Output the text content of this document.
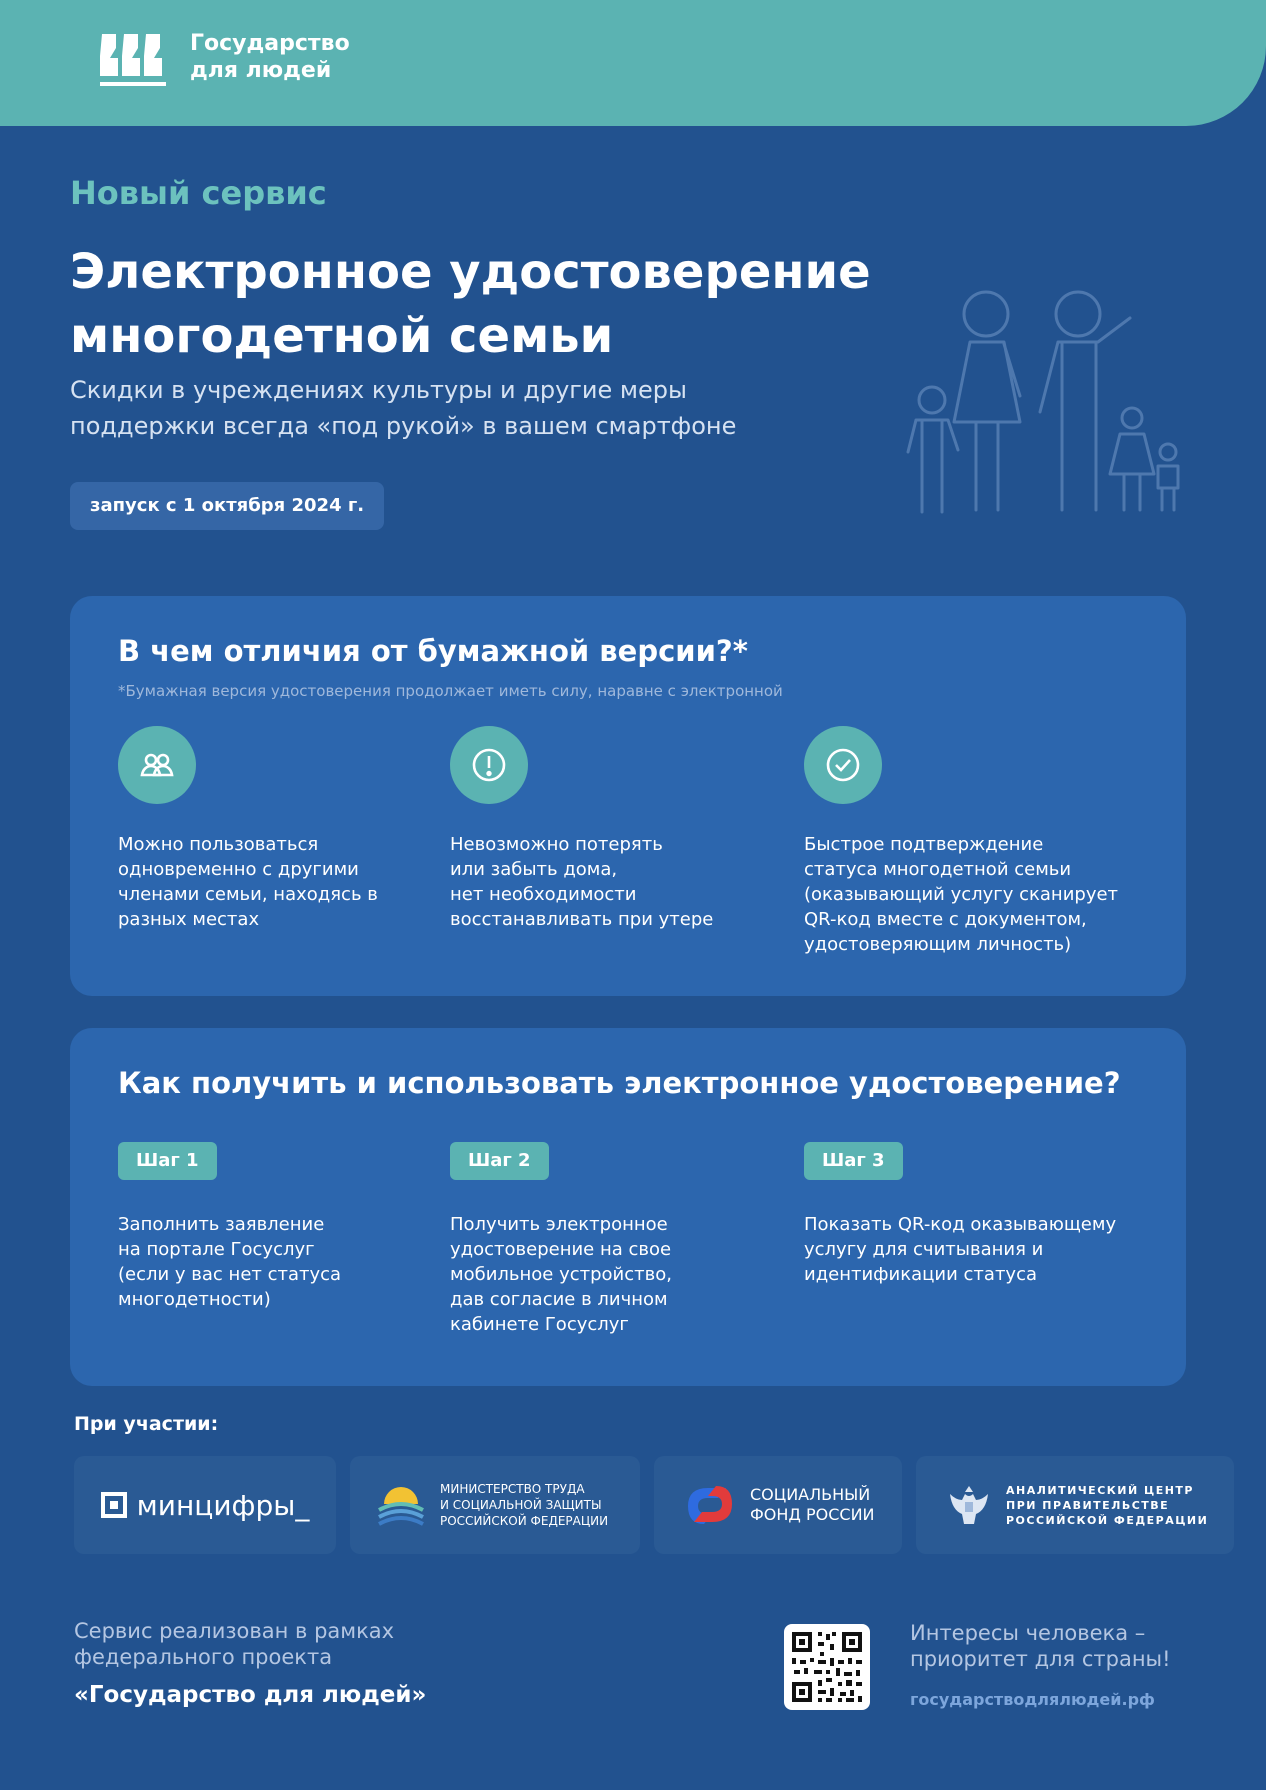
Государство
для людей
Новый сервис
Электронное удостоверение
многодетной семьи
Скидки в учреждениях культуры и другие меры
поддержки всегда «под рукой» в вашем смартфоне
запуск с 1 октября 2024 г.
В чем отличия от бумажной версии?*
*Бумажная версия удостоверения продолжает иметь силу, наравне с электронной
Можно пользоваться
одновременно с другими
членами семьи, находясь в
разных местах
Невозможно потерять
или забыть дома,
нет необходимости
восстанавливать при утере
Быстрое подтверждение
статуса многодетной семьи
(оказывающий услугу сканирует
QR-код вместе с документом,
удостоверяющим личность)
Как получить и использовать электронное удостоверение?
Шаг 1
Заполнить заявление
на портале Госуслуг
(если у вас нет статуса
многодетности)
Шаг 2
Получить электронное
удостоверение на свое
мобильное устройство,
дав согласие в личном
кабинете Госуслуг
Шаг 3
Показать QR-код оказывающему
услугу для считывания и
идентификации статуса
При участии:
минцифры_	МИНИСТЕРСТВО ТРУДА
И СОЦИАЛЬНОЙ ЗАЩИТЫ
РОССИЙСКОЙ ФЕДЕРАЦИИ
СОЦИАЛЬНЫЙ
ФОНД РОССИИ
АНАЛИТИЧЕСКИЙ ЦЕНТР
ПРИ ПРАВИТЕЛЬСТВЕ
РОССИЙСКОЙ ФЕДЕРАЦИИ
Сервис реализован в рамках
федерального проекта
«Государство для людей»
Интересы человека –
приоритет для страны!
государстводлялюдей.рф
